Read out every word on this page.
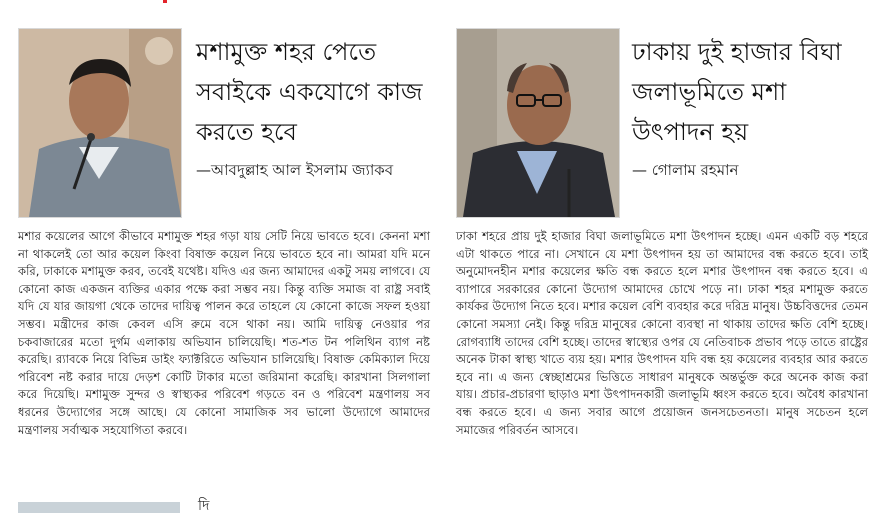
মশামুক্ত শহর পেতে সবাইকে একযোগে কাজ করতে হবে
—আবদুল্লাহ আল ইসলাম জ্যাকব
মশার কয়েলের আগে কীভাবে মশামুক্ত শহর গড়া যায় সেটি নিয়ে ভাবতে হবে। কেননা মশা না থাকলেই তো আর কয়েল কিংবা বিষাক্ত কয়েল নিয়ে ভাবতে হবে না। আমরা যদি মনে করি, ঢাকাকে মশামুক্ত করব, তবেই যথেষ্ট। যদিও এর জন্য আমাদের একটু সময় লাগবে। যে কোনো কাজ একজন ব্যক্তির একার পক্ষে করা সম্ভব নয়। কিন্তু ব্যক্তি সমাজ বা রাষ্ট্র সবাই যদি যে যার জায়গা থেকে তাদের দায়িত্ব পালন করে তাহলে যে কোনো কাজে সফল হওয়া সম্ভব। মন্ত্রীদের কাজ কেবল এসি রুমে বসে থাকা নয়। আমি দায়িত্ব নেওয়ার পর চকবাজারের মতো দুর্গম এলাকায় অভিযান চালিয়েছি। শত-শত টন পলিথিন ব্যাগ নষ্ট করেছি। র‌্যাবকে নিয়ে বিভিন্ন ডাইং ফ্যাক্টরিতে অভিযান চালিয়েছি। বিষাক্ত কেমিক্যাল দিয়ে পরিবেশ নষ্ট করার দায়ে দেড়শ কোটি টাকার মতো জরিমানা করেছি। কারখানা সিলগালা করে দিয়েছি। মশামুক্ত সুন্দর ও স্বাস্থ্যকর পরিবেশ গড়তে বন ও পরিবেশ মন্ত্রণালয় সব ধরনের উদ্যোগের সঙ্গে আছে। যে কোনো সামাজিক সব ভালো উদ্যোগে আমাদের মন্ত্রণালয় সর্বাত্মক সহযোগিতা করবে।
ঢাকায় দুই হাজার বিঘা জলাভূমিতে মশা উৎপাদন হয়
— গোলাম রহমান
ঢাকা শহরে প্রায় দুই হাজার বিঘা জলাভূমিতে মশা উৎপাদন হচ্ছে। এমন একটি বড় শহরে এটা থাকতে পারে না। সেখানে যে মশা উৎপাদন হয় তা আমাদের বন্ধ করতে হবে। তাই অনুমোদনহীন মশার কয়েলের ক্ষতি বন্ধ করতে হলে মশার উৎপাদন বন্ধ করতে হবে। এ ব্যাপারে সরকারের কোনো উদ্যোগ আমাদের চোখে পড়ে না। ঢাকা শহর মশামুক্ত করতে কার্যকর উদ্যোগ নিতে হবে। মশার কয়েল বেশি ব্যবহার করে দরিদ্র মানুষ। উচ্চবিত্তদের তেমন কোনো সমস্যা নেই। কিন্তু দরিদ্র মানুষের কোনো ব্যবস্থা না থাকায় তাদের ক্ষতি বেশি হচ্ছে। রোগব্যাধি তাদের বেশি হচ্ছে। তাদের স্বাস্থ্যের ওপর যে নেতিবাচক প্রভাব পড়ে তাতে রাষ্ট্রের অনেক টাকা স্বাস্থ্য খাতে ব্যয় হয়। মশার উৎপাদন যদি বন্ধ হয় কয়েলের ব্যবহার আর করতে হবে না। এ জন্য স্বেচ্ছাশ্রমের ভিত্তিতে সাধারণ মানুষকে অন্তর্ভুক্ত করে অনেক কাজ করা যায়। প্রচার-প্রচারণা ছাড়াও মশা উৎপাদনকারী জলাভূমি ধ্বংস করতে হবে। অবৈধ কারখানা বন্ধ করতে হবে। এ জন্য সবার আগে প্রয়োজন জনসচেতনতা। মানুষ সচেতন হলে সমাজের পরিবর্তন আসবে।
দি
